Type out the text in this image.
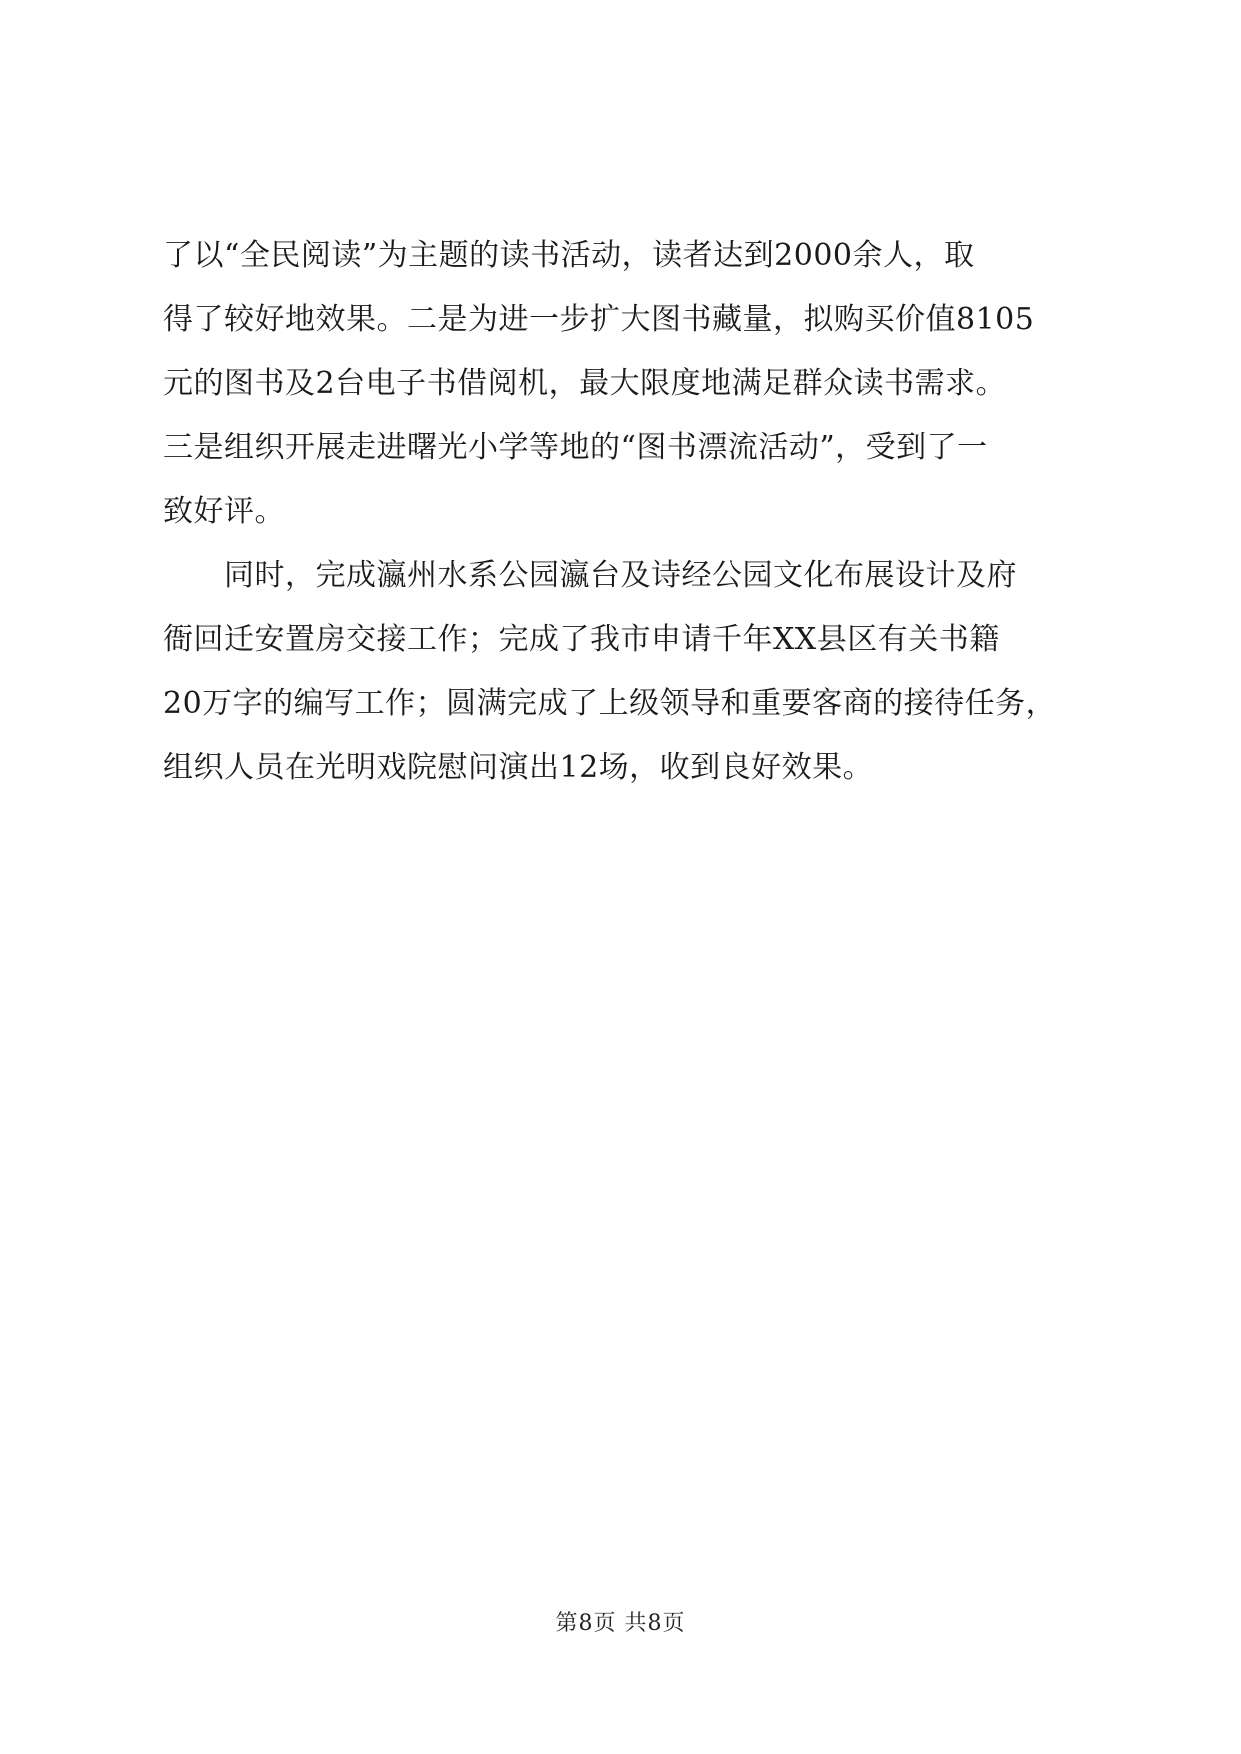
了以“全民阅读”为主题的读书活动，读者达到2000余人，取

得了较好地效果。二是为进一步扩大图书藏量，拟购买价值8105

元的图书及2台电子书借阅机，最大限度地满足群众读书需求。

三是组织开展走进曙光小学等地的“图书漂流活动”，受到了一

致好评。

　　同时，完成瀛州水系公园瀛台及诗经公园文化布展设计及府

衙回迁安置房交接工作；完成了我市申请千年XX县区有关书籍

20万字的编写工作；圆满完成了上级领导和重要客商的接待任务，

组织人员在光明戏院慰问演出12场，收到良好效果。

第8页 共8页
